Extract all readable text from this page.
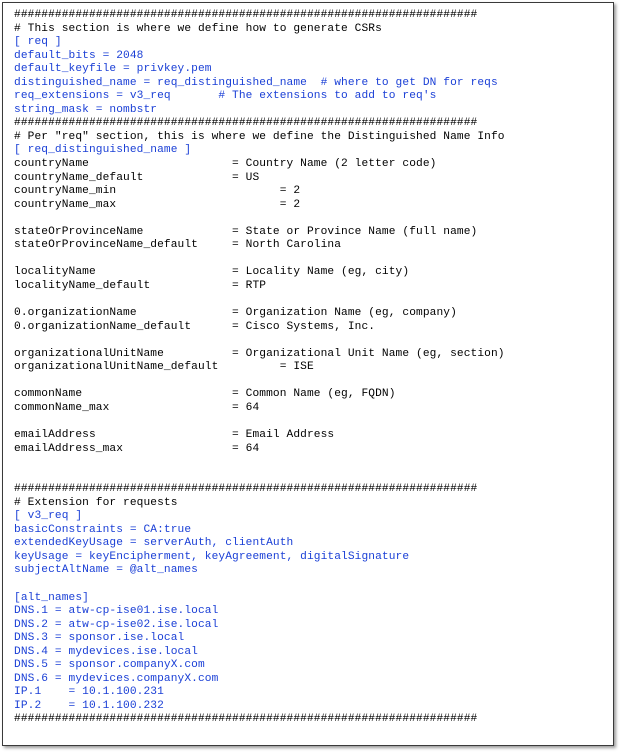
####################################################################
# This section is where we define how to generate CSRs
[ req ]
default_bits = 2048
default_keyfile = privkey.pem
distinguished_name = req_distinguished_name  # where to get DN for reqs
req_extensions = v3_req       # The extensions to add to req's
string_mask = nombstr
####################################################################
# Per "req" section, this is where we define the Distinguished Name Info
[ req_distinguished_name ]
countryName                     = Country Name (2 letter code)
countryName_default             = US
countryName_min                        = 2
countryName_max                        = 2
stateOrProvinceName             = State or Province Name (full name)
stateOrProvinceName_default     = North Carolina
localityName                    = Locality Name (eg, city)
localityName_default            = RTP
0.organizationName              = Organization Name (eg, company)
0.organizationName_default      = Cisco Systems, Inc.
organizationalUnitName          = Organizational Unit Name (eg, section)
organizationalUnitName_default         = ISE
commonName                      = Common Name (eg, FQDN)
commonName_max                  = 64
emailAddress                    = Email Address
emailAddress_max                = 64
####################################################################
# Extension for requests
[ v3_req ]
basicConstraints = CA:true
extendedKeyUsage = serverAuth, clientAuth
keyUsage = keyEncipherment, keyAgreement, digitalSignature
subjectAltName = @alt_names
[alt_names]
DNS.1 = atw-cp-ise01.ise.local
DNS.2 = atw-cp-ise02.ise.local
DNS.3 = sponsor.ise.local
DNS.4 = mydevices.ise.local
DNS.5 = sponsor.companyX.com
DNS.6 = mydevices.companyX.com
IP.1    = 10.1.100.231
IP.2    = 10.1.100.232
####################################################################
